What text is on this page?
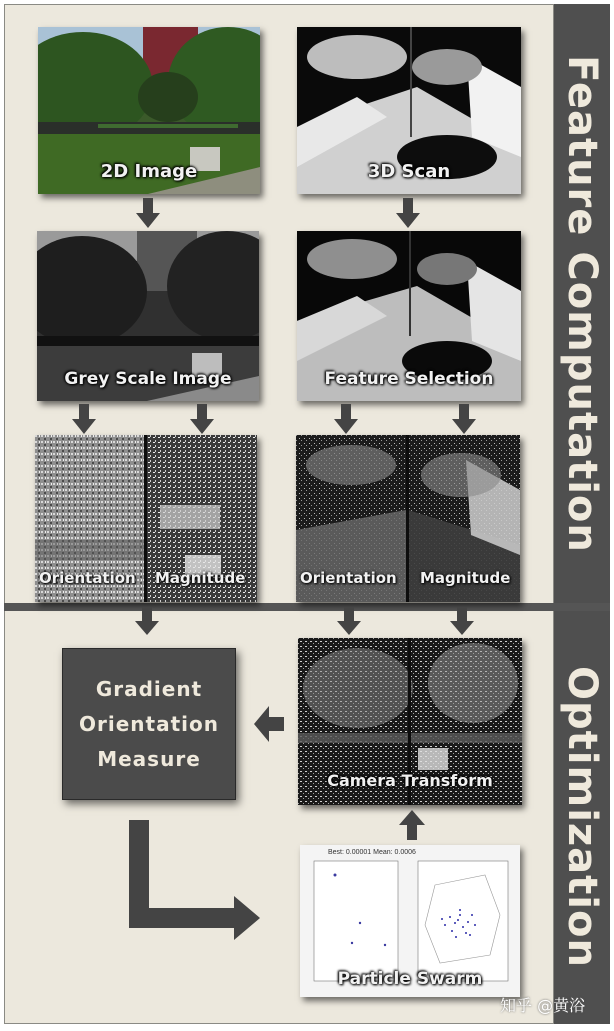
Feature Computation
Optimization
2D Image	3D Scan
Grey Scale Image	Feature Selection
Orientation Magnitude	Orientation Magnitude
Gradient
Orientation
Measure
Camera Transform
Best: 0.00001 Mean: 0.0006
Particle Swarm
知乎 @黄浴
